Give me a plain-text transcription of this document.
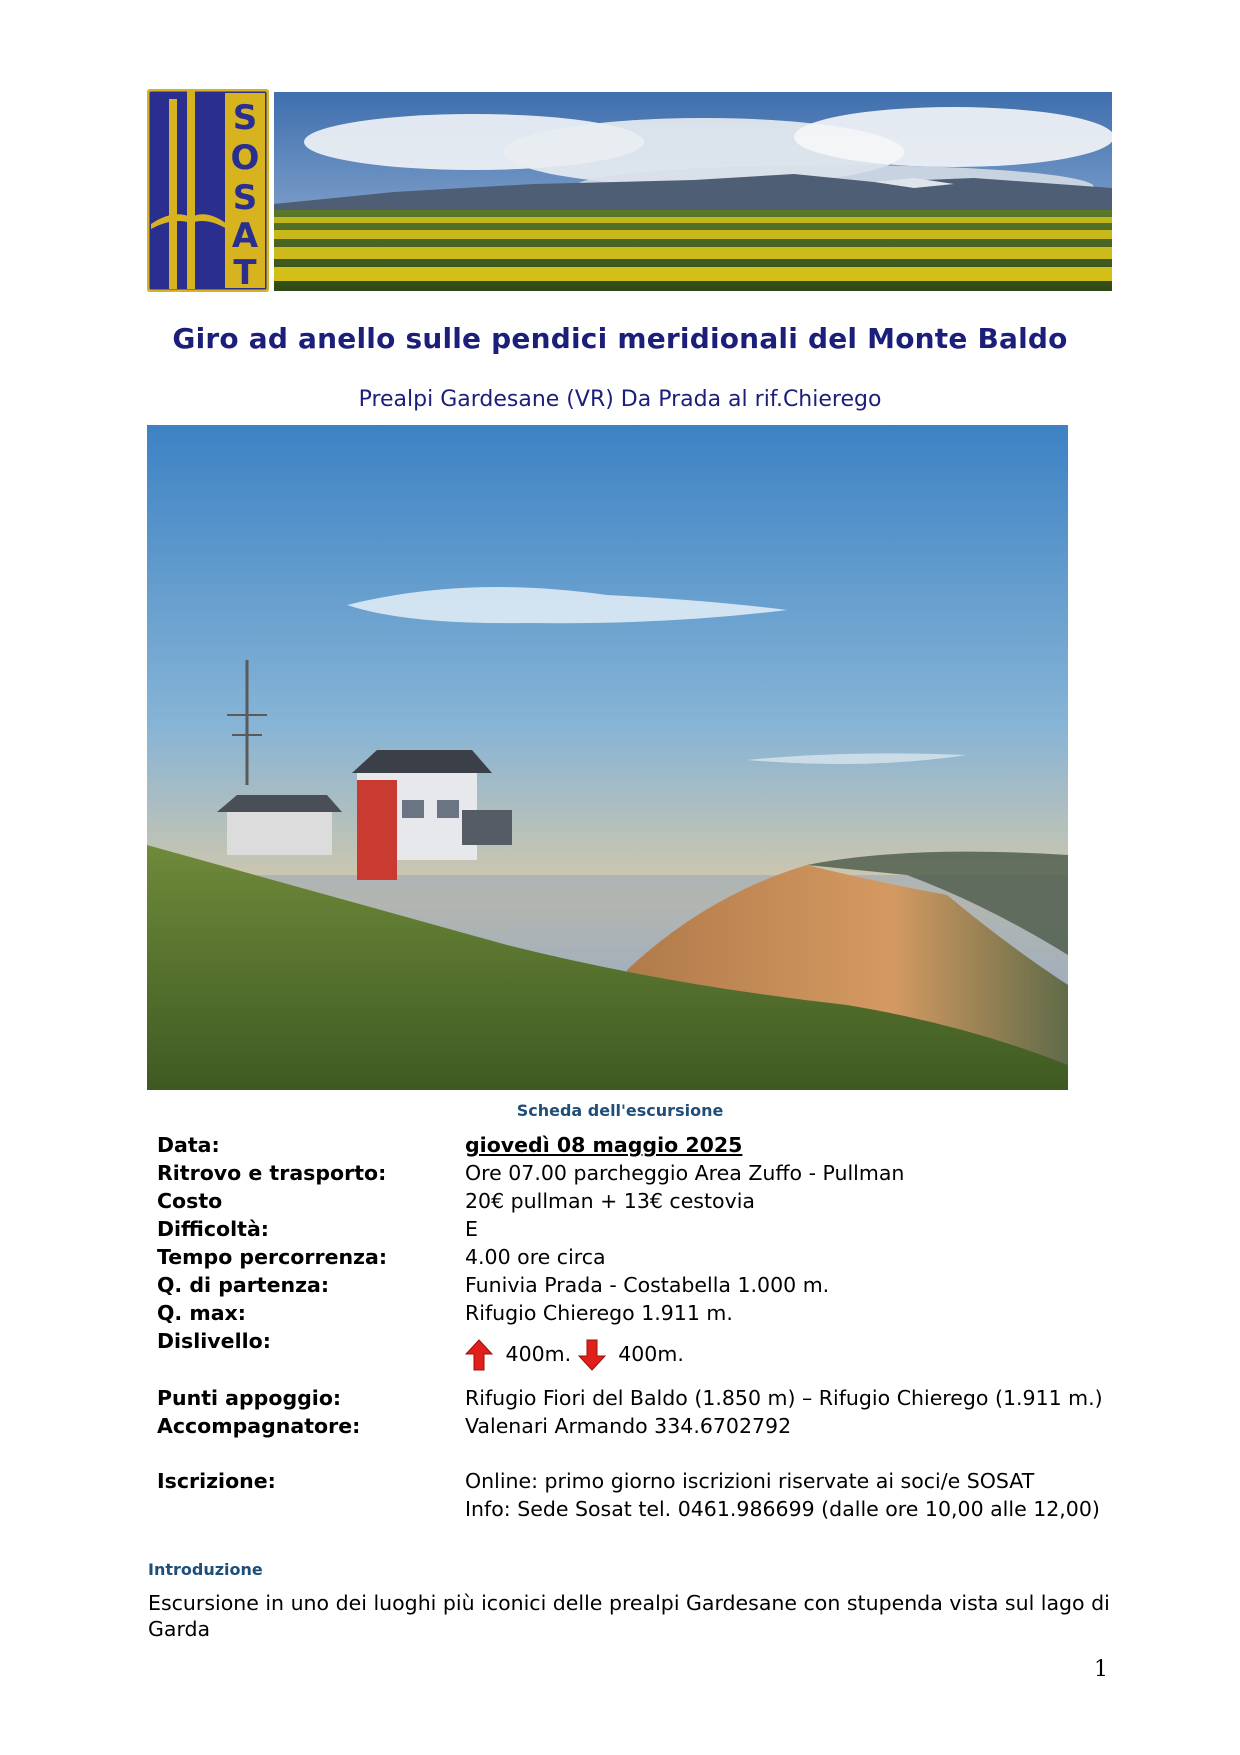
S
O
S
A
T
Giro ad anello sulle pendici meridionali del Monte Baldo
Prealpi Gardesane (VR) Da Prada al rif.Chierego
Scheda dell'escursione
Data:	giovedì 08 maggio 2025
Ritrovo e trasporto:	Ore 07.00 parcheggio Area Zuffo - Pullman
Costo	20€ pullman + 13€ cestovia
Difficoltà:	E
Tempo percorrenza:	4.00 ore circa
Q. di partenza:	Funivia Prada - Costabella 1.000 m.
Q. max:	Rifugio Chierego 1.911 m.
Dislivello:
400m. 400m.
Punti appoggio:	Rifugio Fiori del Baldo (1.850 m) – Rifugio Chierego (1.911 m.)
Accompagnatore:	Valenari Armando 334.6702792
Iscrizione:	Online: primo giorno iscrizioni riservate ai soci/e SOSAT
Info: Sede Sosat tel. 0461.986699 (dalle ore 10,00 alle 12,00)
Introduzione
Escursione in uno dei luoghi più iconici delle prealpi Gardesane con stupenda vista sul lago di Garda
1
